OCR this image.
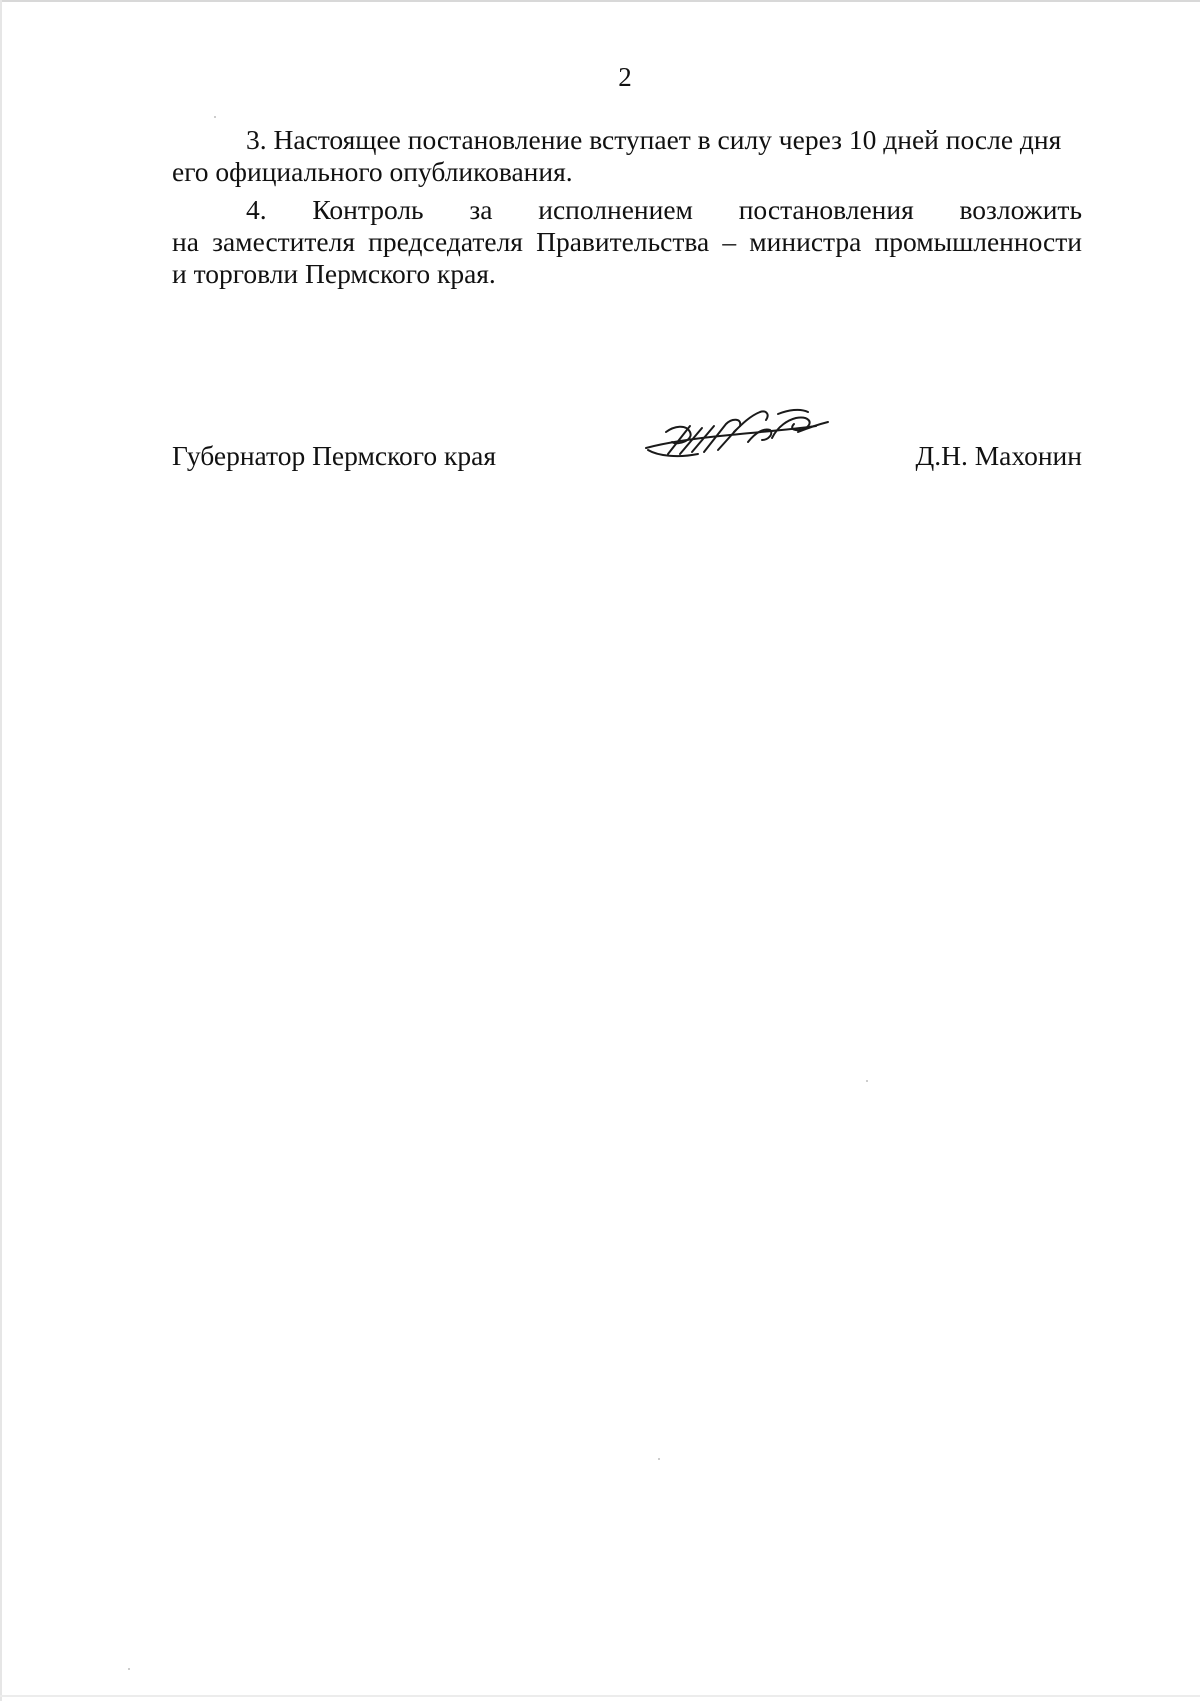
2

3. Настоящее постановление вступает в силу через 10 дней после дня

его официального опубликования.

4. Контроль за исполнением постановления возложить

на заместителя председателя Правительства – министра промышленности

и торговли Пермского края.

Губернатор Пермского края	Д.Н. Махонин
